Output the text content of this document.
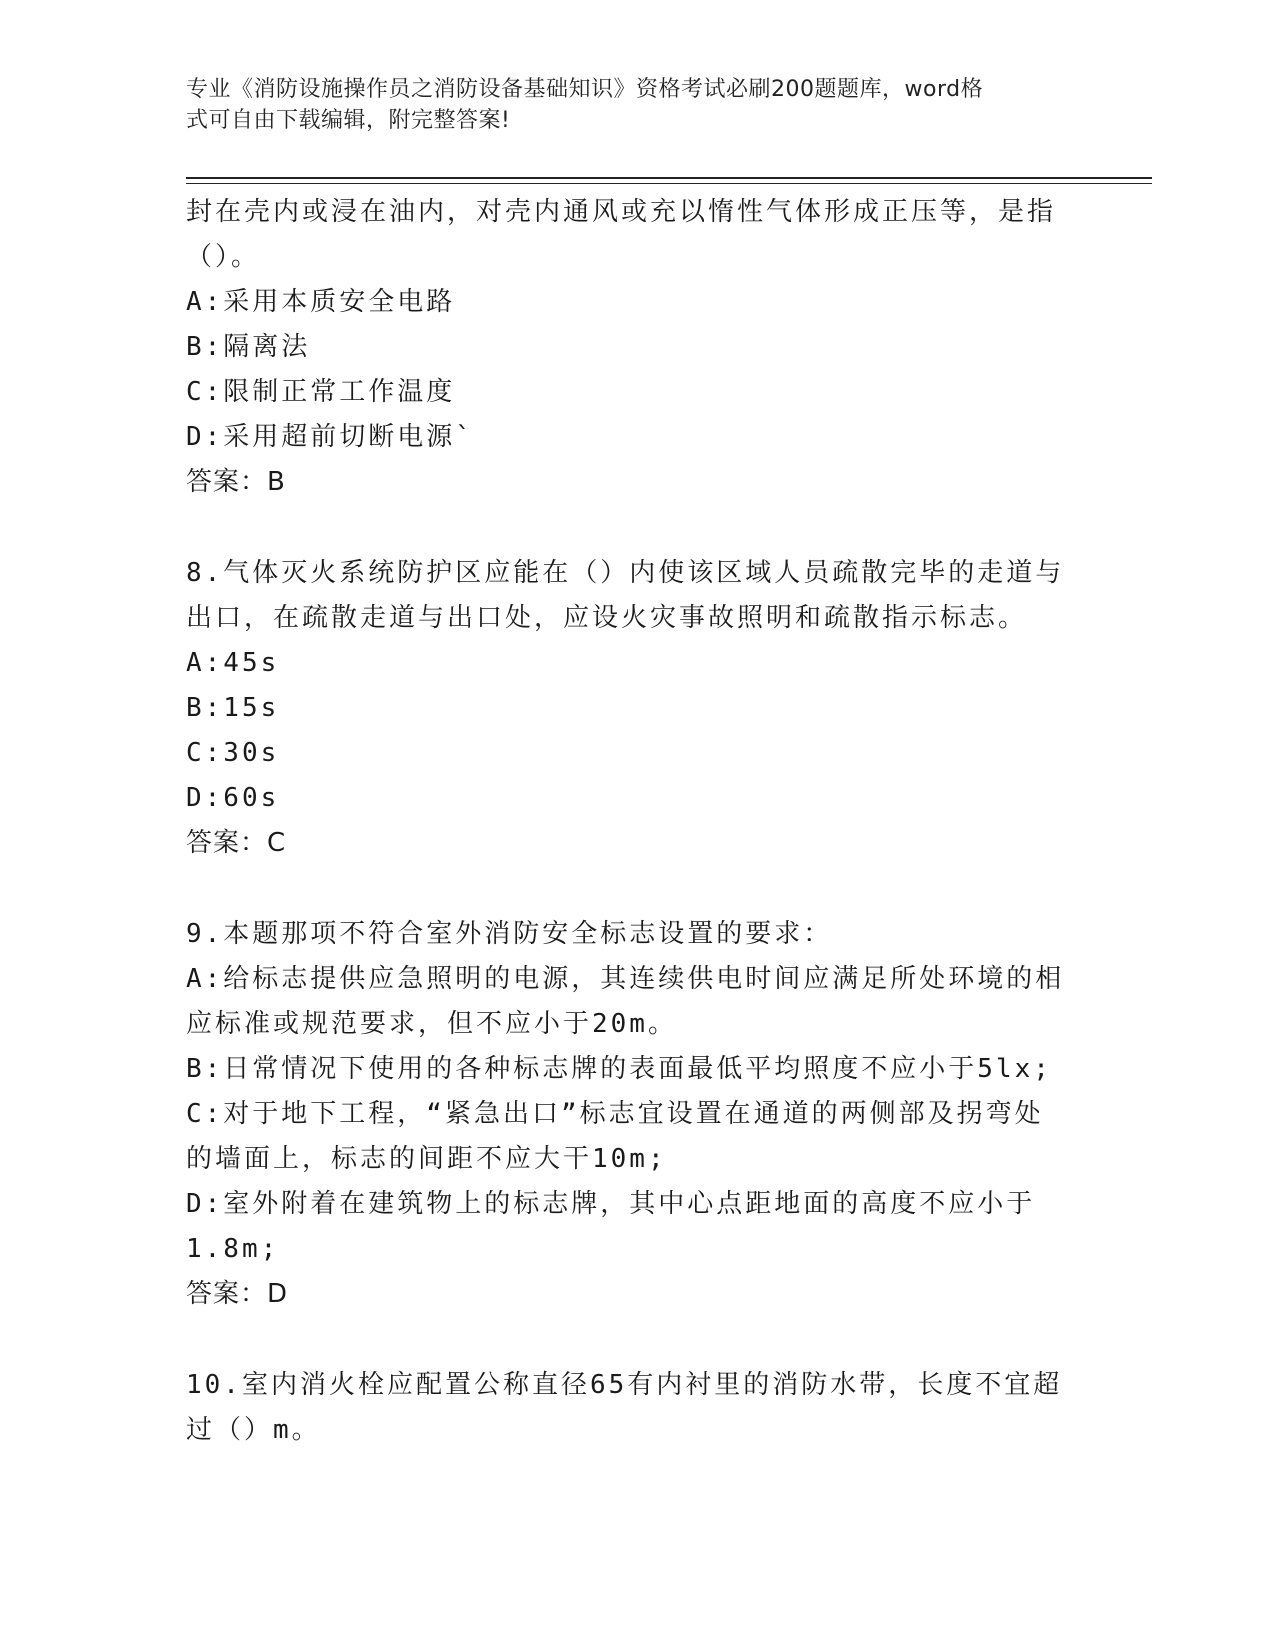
专业《消防设施操作员之消防设备基础知识》资格考试必刷200题题库，word格
式可自由下载编辑，附完整答案!
封在壳内或浸在油内，对壳内通风或充以惰性气体形成正压等，是指
（）。
A:采用本质安全电路
B:隔离法
C:限制正常工作温度
D:采用超前切断电源`
答案：B
8.气体灭火系统防护区应能在（）内使该区域人员疏散完毕的走道与
出口，在疏散走道与出口处，应设火灾事故照明和疏散指示标志。
A:45s
B:15s
C:30s
D:60s
答案：C
9.本题那项不符合室外消防安全标志设置的要求：
A:给标志提供应急照明的电源，其连续供电时间应满足所处环境的相
应标准或规范要求，但不应小于20m。
B:日常情况下使用的各种标志牌的表面最低平均照度不应小于5lx;
C:对于地下工程，“紧急出口”标志宜设置在通道的两侧部及拐弯处
的墙面上，标志的间距不应大干10m;
D:室外附着在建筑物上的标志牌，其中心点距地面的高度不应小于
1.8m;
答案：D
10.室内消火栓应配置公称直径65有内衬里的消防水带，长度不宜超
过（）m。
